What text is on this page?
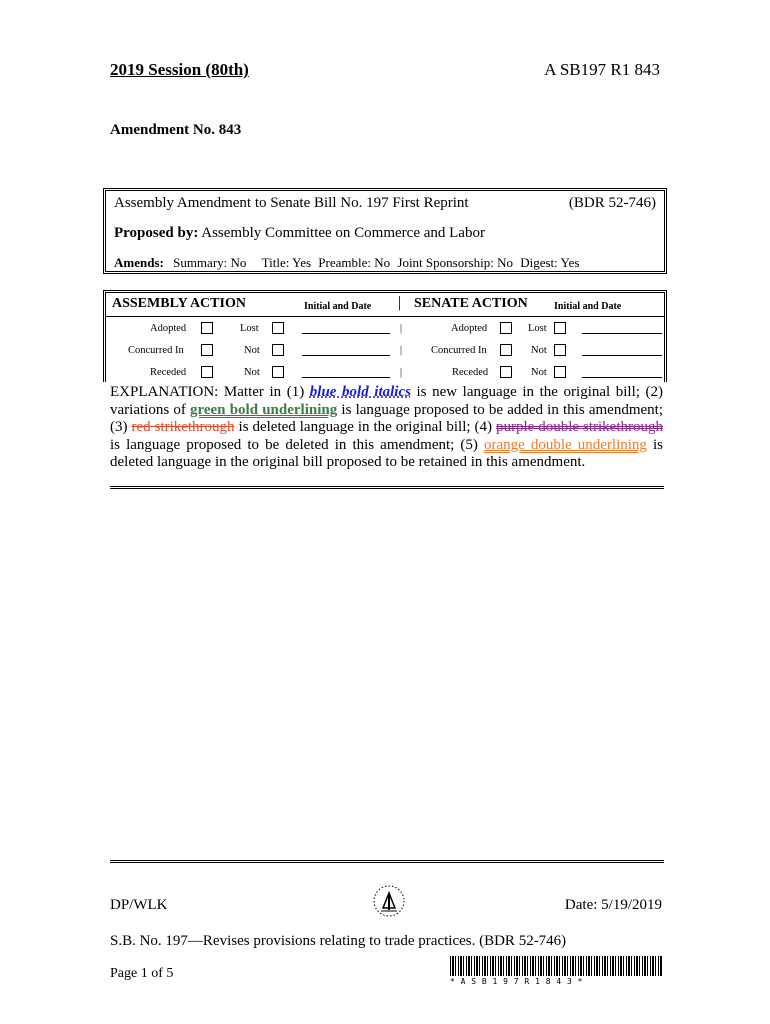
2019 Session (80th)	A SB197 R1 843
Amendment No. 843
Assembly Amendment to Senate Bill No. 197 First Reprint	(BDR 52-746)
Proposed by: Assembly Committee on Commerce and Labor
Amends: Summary: No Title: Yes Preamble: No Joint Sponsorship: No Digest: Yes
ASSEMBLY ACTION	Initial and Date | SENATE ACTION	Initial and Date
Adopted	Lost	|	Adopted	Lost
Concurred In	Not	|	Concurred In	Not
Receded	Not	|	Receded	Not
EXPLANATION: Matter in (1) blue bold italics is new language in the original bill; (2) variations of green bold underlining is language proposed to be added in this amendment; (3) red strikethrough is deleted language in the original bill; (4) purple double strikethrough is language proposed to be deleted in this amendment; (5) orange double underlining is deleted language in the original bill proposed to be retained in this amendment.
DP/WLK	Date: 5/19/2019
S.B. No. 197—Revises provisions relating to trade practices. (BDR 52-746)
Page 1 of 5
* A S B 1 9 7 R 1 8 4 3 *
